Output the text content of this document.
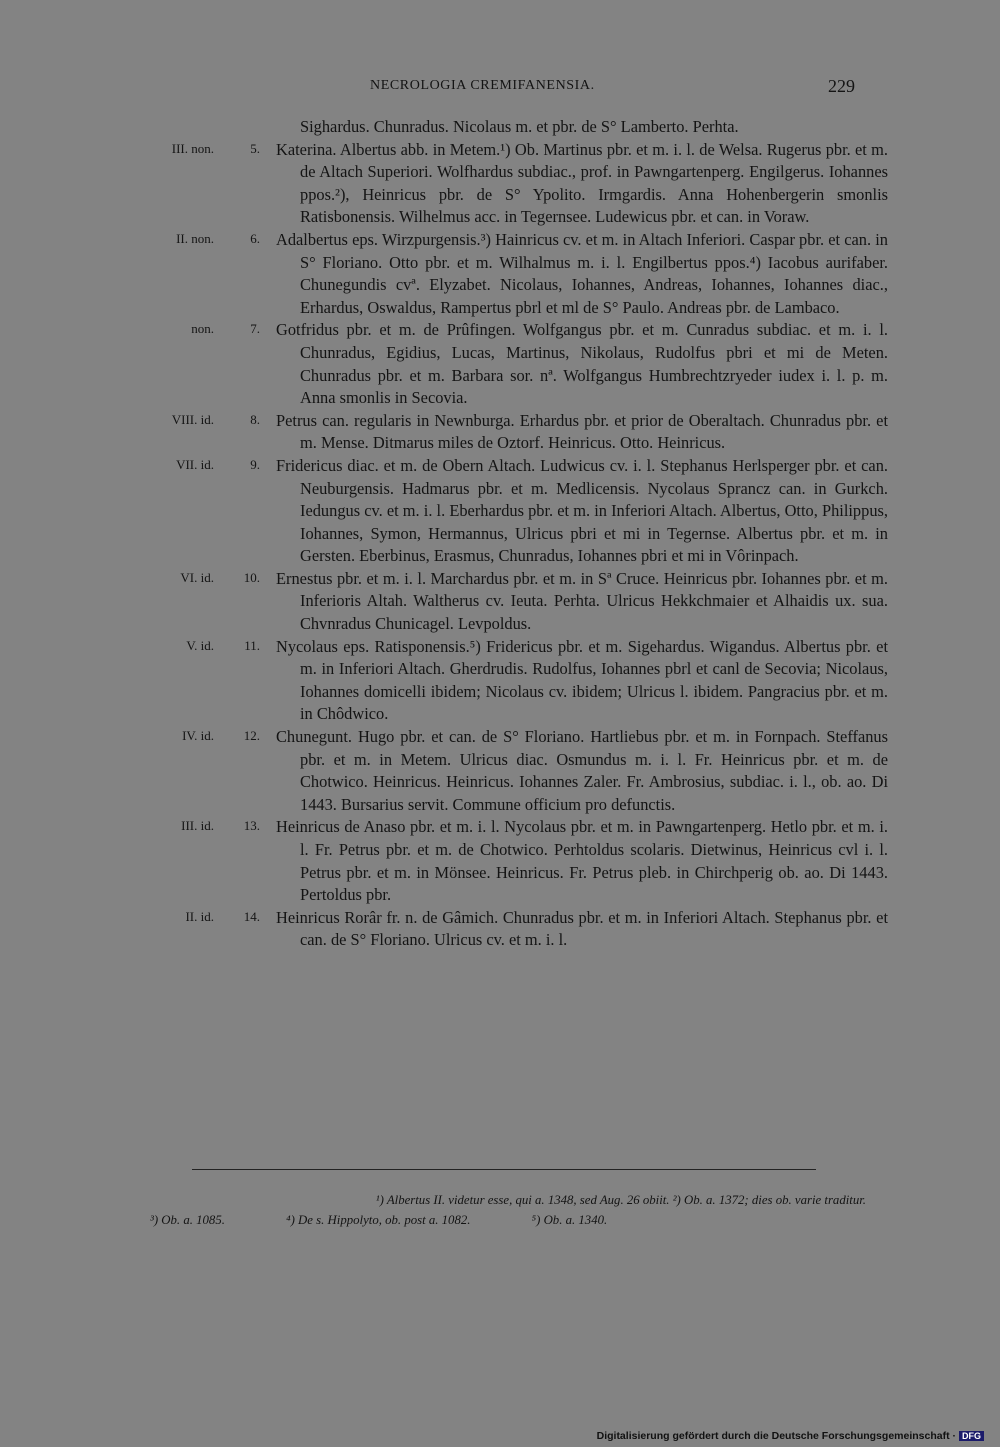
NECROLOGIA CREMIFANENSIA.	229
Sighardus. Chunradus. Nicolaus m. et pbr. de S° Lamberto. Perhta.
III. non.	5. Katerina. Albertus abb. in Metem.¹) Ob. Martinus pbr. et m. i. l. de Welsa. Rugerus pbr. et m. de Altach Superiori. Wolfhardus subdiac., prof. in Pawngartenperg. Engilgerus. Iohannes ppos.²), Heinricus pbr. de S° Ypolito. Irmgardis. Anna Hohenbergerin smonlis Ratisbonensis. Wilhelmus acc. in Tegernsee. Ludewicus pbr. et can. in Voraw.
II. non.	6. Adalbertus eps. Wirzpurgensis.³) Hainricus cv. et m. in Altach Inferiori. Caspar pbr. et can. in S° Floriano. Otto pbr. et m. Wilhalmus m. i. l. Engilbertus ppos.⁴) Iacobus aurifaber. Chunegundis cvª. Elyzabet. Nicolaus, Iohannes, Andreas, Iohannes, Iohannes diac., Erhardus, Oswaldus, Rampertus pbrl et ml de S° Paulo. Andreas pbr. de Lambaco.
non.	7. Gotfridus pbr. et m. de Prûfingen. Wolfgangus pbr. et m. Cunradus subdiac. et m. i. l. Chunradus, Egidius, Lucas, Martinus, Nikolaus, Rudolfus pbri et mi de Meten. Chunradus pbr. et m. Barbara sor. nª. Wolfgangus Humbrechtzryeder iudex i. l. p. m. Anna smonlis in Secovia.
VIII. id.	8. Petrus can. regularis in Newnburga. Erhardus pbr. et prior de Oberaltach. Chunradus pbr. et m. Mense. Ditmarus miles de Oztorf. Heinricus. Otto. Heinricus.
VII. id.	9. Fridericus diac. et m. de Obern Altach. Ludwicus cv. i. l. Stephanus Herlsperger pbr. et can. Neuburgensis. Hadmarus pbr. et m. Medlicensis. Nycolaus Sprancz can. in Gurkch. Iedungus cv. et m. i. l. Eberhardus pbr. et m. in Inferiori Altach. Albertus, Otto, Philippus, Iohannes, Symon, Hermannus, Ulricus pbri et mi in Tegernse. Albertus pbr. et m. in Gersten. Eberbinus, Erasmus, Chunradus, Iohannes pbri et mi in Vôrinpach.
VI. id. 10. Ernestus pbr. et m. i. l. Marchardus pbr. et m. in Sª Cruce. Heinricus pbr. Iohannes pbr. et m. Inferioris Altah. Waltherus cv. Ieuta. Perhta. Ulricus Hekkchmaier et Alhaidis ux. sua. Chvnradus Chunicagel. Levpoldus.
V. id. 11. Nycolaus eps. Ratisponensis.⁵) Fridericus pbr. et m. Sigehardus. Wigandus. Albertus pbr. et m. in Inferiori Altach. Gherdrudis. Rudolfus, Iohannes pbrl et canl de Secovia; Nicolaus, Iohannes domicelli ibidem; Nicolaus cv. ibidem; Ulricus l. ibidem. Pangracius pbr. et m. in Chôdwico.
IV. id. 12. Chunegunt. Hugo pbr. et can. de S° Floriano. Hartliebus pbr. et m. in Fornpach. Steffanus pbr. et m. in Metem. Ulricus diac. Osmundus m. i. l. Fr. Heinricus pbr. et m. de Chotwico. Heinricus. Heinricus. Iohannes Zaler. Fr. Ambrosius, subdiac. i. l., ob. ao. Di 1443. Bursarius servit. Commune officium pro defunctis.
III. id. 13. Heinricus de Anaso pbr. et m. i. l. Nycolaus pbr. et m. in Pawngartenperg. Hetlo pbr. et m. i. l. Fr. Petrus pbr. et m. de Chotwico. Perhtoldus scolaris. Dietwinus, Heinricus cvl i. l. Petrus pbr. et m. in Mönsee. Heinricus. Fr. Petrus pleb. in Chirchperig ob. ao. Di 1443. Pertoldus pbr.
II. id. 14. Heinricus Rorâr fr. n. de Gâmich. Chunradus pbr. et m. in Inferiori Altach. Stephanus pbr. et can. de S° Floriano. Ulricus cv. et m. i. l.
¹) Albertus II. videtur esse, qui a. 1348, sed Aug. 26 obiit. ²) Ob. a. 1372; dies ob. varie traditur.
³) Ob. a. 1085.	⁴) De s. Hippolyto, ob. post a. 1082.	⁵) Ob. a. 1340.
Digitalisierung gefördert durch die Deutsche Forschungsgemeinschaft · DFG
